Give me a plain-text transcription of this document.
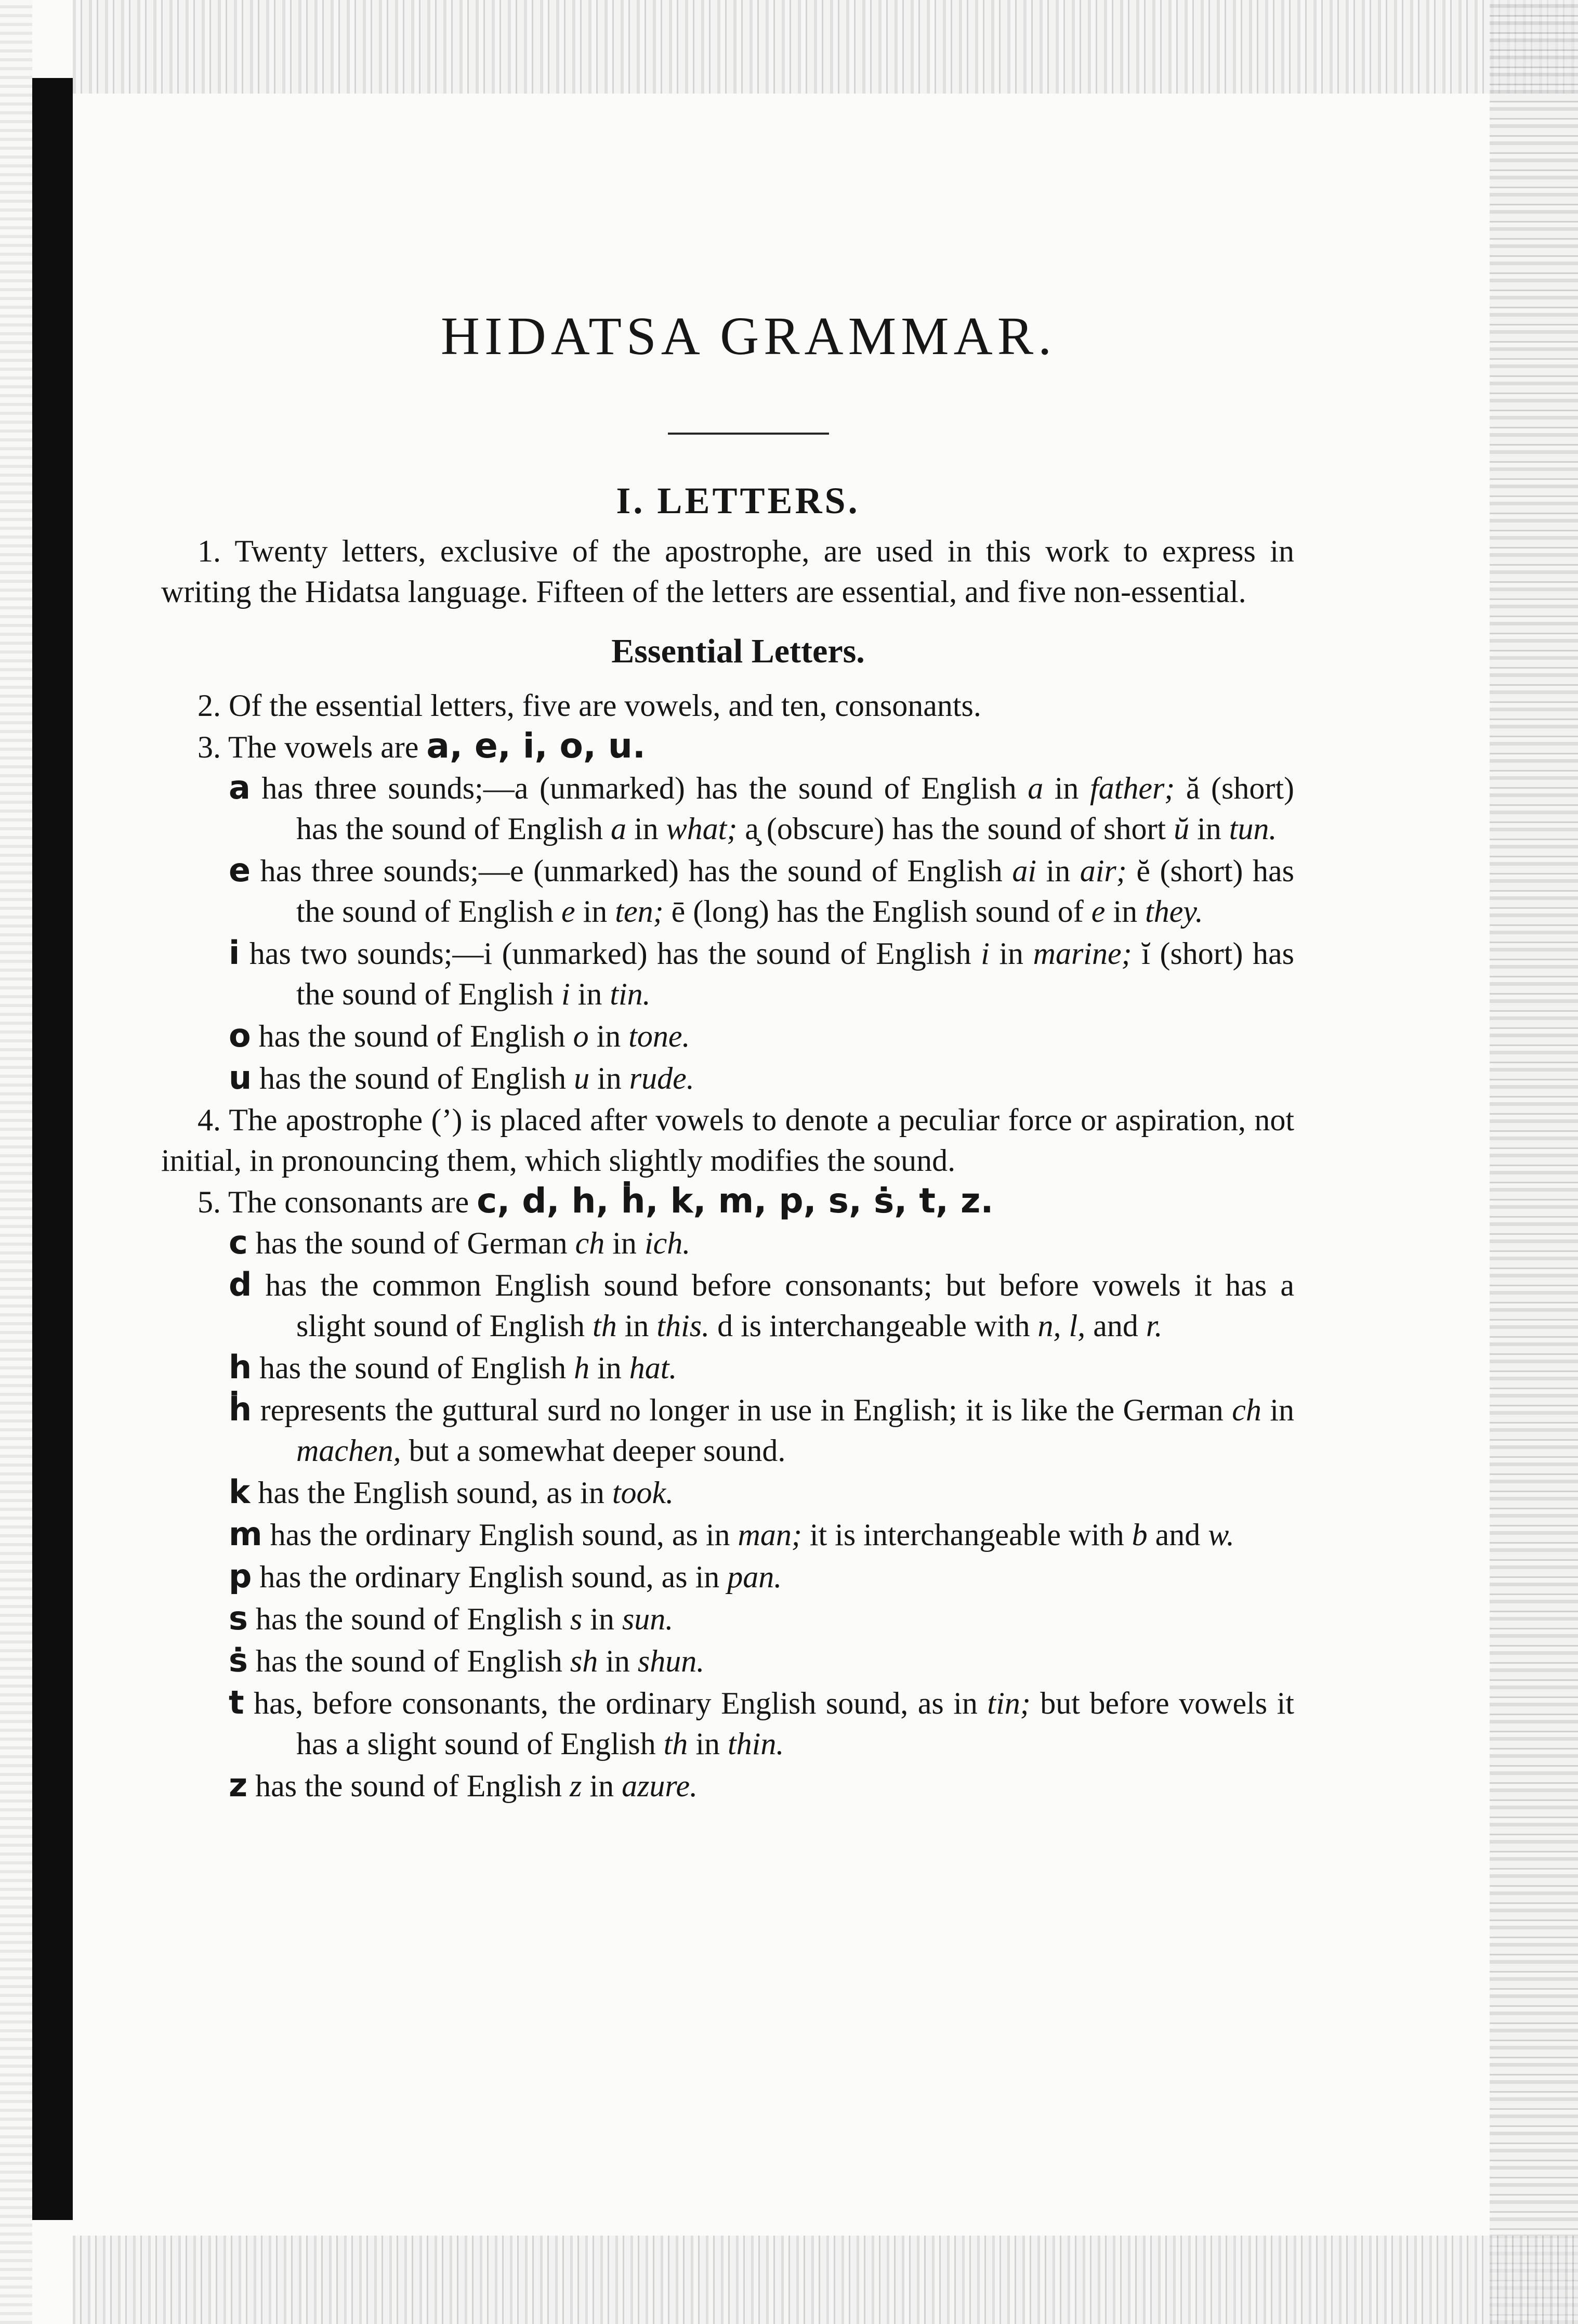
HIDATSA GRAMMAR.
I. LETTERS.

1. Twenty letters, exclusive of the apostrophe, are used in this work to express in writing the Hidatsa language. Fifteen of the letters are essential, and five non-essential.

Essential Letters.

2. Of the essential letters, five are vowels, and ten, consonants.

3. The vowels are a, e, i, o, u.

a has three sounds;—a (unmarked) has the sound of English a in father; ă (short) has the sound of English a in what; a̧ (obscure) has the sound of short ŭ in tun.

e has three sounds;—e (unmarked) has the sound of English ai in air; ĕ (short) has the sound of English e in ten; ē (long) has the English sound of e in they.

i has two sounds;—i (unmarked) has the sound of English i in marine; ĭ (short) has the sound of English i in tin.

o has the sound of English o in tone.

u has the sound of English u in rude.

4. The apostrophe (’) is placed after vowels to denote a peculiar force or aspiration, not initial, in pronouncing them, which slightly modifies the sound.

5. The consonants are c, d, h, ḣ, k, m, p, s, ṡ, t, z.

c has the sound of German ch in ich.

d has the common English sound before consonants; but before vowels it has a slight sound of English th in this. d is interchangeable with n, l, and r.

h has the sound of English h in hat.

ḣ represents the guttural surd no longer in use in English; it is like the German ch in machen, but a somewhat deeper sound.

k has the English sound, as in took.

m has the ordinary English sound, as in man; it is interchangeable with b and w.

p has the ordinary English sound, as in pan.

s has the sound of English s in sun.

ṡ has the sound of English sh in shun.

t has, before consonants, the ordinary English sound, as in tin; but before vowels it has a slight sound of English th in thin.

z has the sound of English z in azure.
